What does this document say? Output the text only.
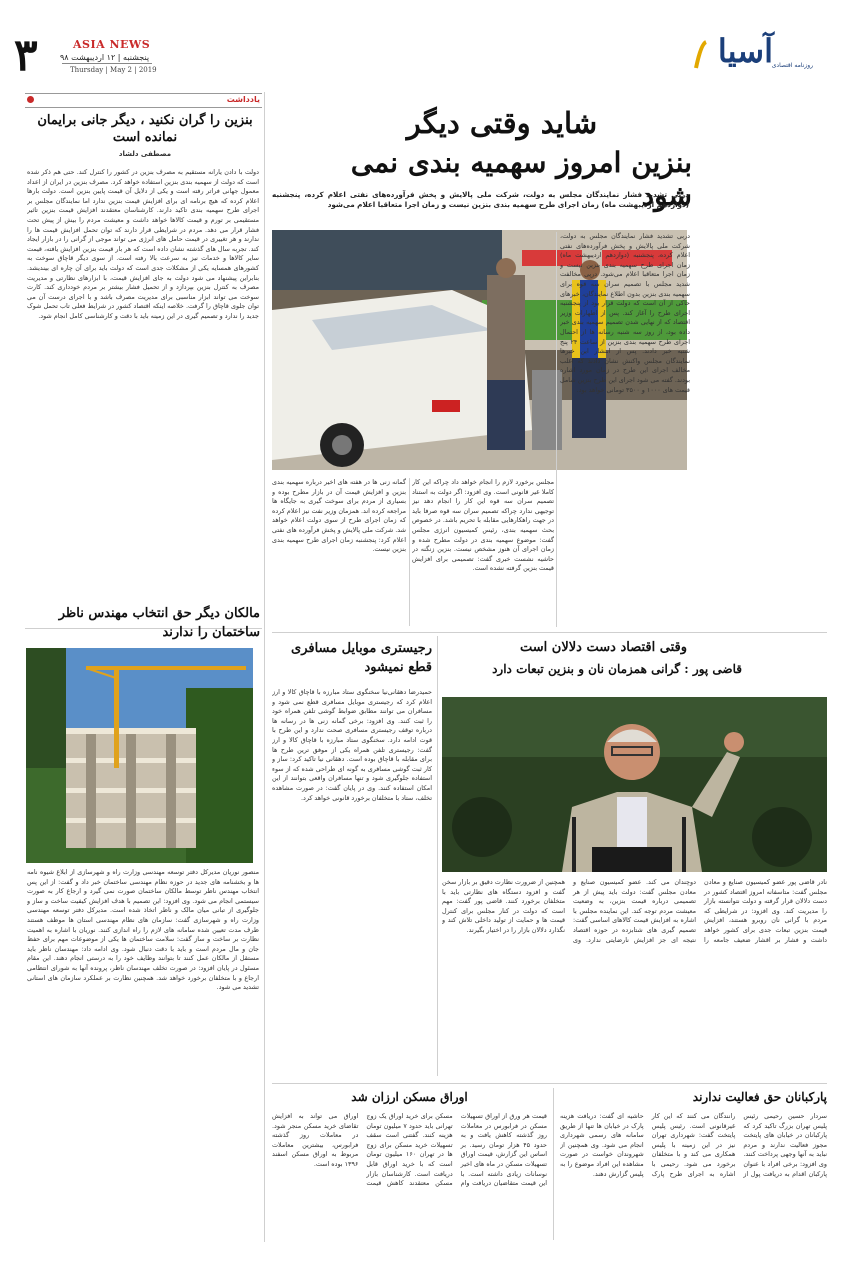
۳	ASIA NEWS
پنجشنبه | ۱۲ اردیبهشت ۹۸
Thursday | May 2 | 2019	آسیا
روزنامه اقتصادی
شاید وقتی دیگر
بنزین امروز سهمیه بندی نمی شود
دربی تشدید فشار نمایندگان مجلس به دولت، شرکت ملی پالایش و پخش فرآورده‌های نفتی اعلام کرده، پنجشنبه (دوازدهم اردیبهشت ماه) زمان اجرای طرح سهمیه بندی بنزین نیست و زمان اجرا متعاقبا اعلام می‌شود
دربی تشدید فشار نمایندگان مجلس به دولت، شرکت ملی پالایش و پخش فرآورده‌های نفتی اعلام کرده، پنجشنبه (دوازدهم اردیبهشت ماه) زمان اجرای طرح سهمیه بندی بنزین نیست و زمان اجرا متعاقبا اعلام می‌شود. درپی مخالفت شدید مجلس با تصمیم سران سه قوه برای سهمیه بندی بنزین بدون اطلاع نمایندگان، خبرهای حاکی از آن است که دولت قرار بود از پنجشنبه اجرای طرح را آغاز کند. پس از اظهارات وزیر اقتصاد که از نهایی شدن تصمیم سهمیه بندی خبر داده بود، از روز سه شنبه رسانه ها از احتمال اجرای طرح سهمیه بندی بنزین از ساعت ۲۴ پنج شنبه خبر دادند. پس از انتشار این خبرها نمایندگان مجلس واکنش نشان دادند که اغلب مخالف اجرای این طرح در زمان مورد اشاره بودند. گفته می شود اجرای این طرح بنزین شامل قیمت های ۱۰۰۰ و ۳۵۰۰ تومانی خواهد بود.
مجلس برخورد لازم را انجام خواهد داد چراکه این کار کاملا غیر قانونی است. وی افزود: اگر دولت به استناد تصمیم سران سه قوه این کار را انجام دهد نیز توجیهی ندارد چراکه تصمیم سران سه قوه صرفا باید در جهت راهکارهایی مقابله با تحریم باشد. در خصوص بحث سهمیه بندی، رئیس کمیسیون انرژی مجلس گفت: موضوع سهمیه بندی در دولت مطرح شده و زمان اجرای آن هنوز مشخص نیست. بنزین زنگنه در حاشیه نشست خبری گفت: تصمیمی برای افزایش قیمت بنزین گرفته نشده است.
گمانه زنی ها در هفته های اخیر درباره سهمیه بندی بنزین و افزایش قیمت آن در بازار مطرح بوده و بسیاری از مردم برای سوخت گیری به جایگاه ها مراجعه کرده اند. همزمان وزیر نفت نیز اعلام کرده که زمان اجرای طرح از سوی دولت اعلام خواهد شد. شرکت ملی پالایش و پخش فرآورده های نفتی اعلام کرد: پنجشنبه زمان اجرای طرح سهمیه بندی بنزین نیست.
یادداشت
بنزین را گران نکنید ، دیگر جانی برایمان نمانده است
مصطفی دلشاد
دولت با دادن یارانه مستقیم به مصرف بنزین در کشور را کنترل کند. حتی هم ذکر شده است که دولت از سهمیه بندی بنزین استفاده خواهد کرد. مصرف بنزین در ایران از اعداد معمول جهانی فراتر رفته است و یکی از دلایل آن قیمت پایین بنزین است. دولت بارها اعلام کرده که هیچ برنامه ای برای افزایش قیمت بنزین ندارد اما نمایندگان مجلس بر اجرای طرح سهمیه بندی تاکید دارند. کارشناسان معتقدند افزایش قیمت بنزین تاثیر مستقیمی بر تورم و قیمت کالاها خواهد داشت و معیشت مردم را بیش از پیش تحت فشار قرار می دهد. مردم در شرایطی قرار دارند که توان تحمل افزایش قیمت ها را ندارند و هر تغییری در قیمت حامل های انرژی می تواند موجی از گرانی را در بازار ایجاد کند. تجربه سال های گذشته نشان داده است که هر بار قیمت بنزین افزایش یافته، قیمت سایر کالاها و خدمات نیز به سرعت بالا رفته است. از سوی دیگر قاچاق سوخت به کشورهای همسایه یکی از مشکلات جدی است که دولت باید برای آن چاره ای بیندیشد. بنابراین پیشنهاد می شود دولت به جای افزایش قیمت، با ابزارهای نظارتی و مدیریت مصرف به کنترل بنزین بپردازد و از تحمیل فشار بیشتر بر مردم خودداری کند. کارت سوخت می تواند ابزار مناسبی برای مدیریت مصرف باشد و با اجرای درست آن می توان جلوی قاچاق را گرفت. خلاصه اینکه اقتصاد کشور در شرایط فعلی تاب تحمل شوک جدید را ندارد و تصمیم گیری در این زمینه باید با دقت و کارشناسی کامل انجام شود.
مالکان دیگر حق انتخاب مهندس ناظر ساختمان را ندارند
منصور نوریان مدیرکل دفتر توسعه مهندسی وزارت راه و شهرسازی از ابلاغ شیوه نامه ها و بخشنامه های جدید در حوزه نظام مهندسی ساختمان خبر داد و گفت: از این پس انتخاب مهندس ناظر توسط مالکان ساختمان صورت نمی گیرد و ارجاع کار به صورت سیستمی انجام می شود. وی افزود: این تصمیم با هدف افزایش کیفیت ساخت و ساز و جلوگیری از تبانی میان مالک و ناظر اتخاذ شده است. مدیرکل دفتر توسعه مهندسی وزارت راه و شهرسازی گفت: سازمان های نظام مهندسی استان ها موظف هستند ظرف مدت تعیین شده سامانه های لازم را راه اندازی کنند. نوریان با اشاره به اهمیت نظارت بر ساخت و ساز گفت: سلامت ساختمان ها یکی از موضوعات مهم برای حفظ جان و مال مردم است و باید با دقت دنبال شود. وی ادامه داد: مهندسان ناظر باید مستقل از مالکان عمل کنند تا بتوانند وظایف خود را به درستی انجام دهند. این مقام مسئول در پایان افزود: در صورت تخلف مهندسان ناظر، پرونده آنها به شورای انتظامی ارجاع و با متخلفان برخورد خواهد شد. همچنین نظارت بر عملکرد سازمان های استانی تشدید می شود.
رجیستری موبایل مسافری قطع نمیشود
حمیدرضا دهقانی‌نیا سخنگوی ستاد مبارزه با قاچاق کالا و ارز اعلام کرد که رجیستری موبایل مسافری قطع نمی شود و مسافران می توانند مطابق ضوابط گوشی تلفن همراه خود را ثبت کنند. وی افزود: برخی گمانه زنی ها در رسانه ها درباره توقف رجیستری مسافری صحت ندارد و این طرح با قوت ادامه دارد. سخنگوی ستاد مبارزه با قاچاق کالا و ارز گفت: رجیستری تلفن همراه یکی از موفق ترین طرح ها برای مقابله با قاچاق بوده است. دهقانی نیا تاکید کرد: ساز و کار ثبت گوشی مسافری به گونه ای طراحی شده که از سوء استفاده جلوگیری شود و تنها مسافران واقعی بتوانند از این امکان استفاده کنند. وی در پایان گفت: در صورت مشاهده تخلف، ستاد با متخلفان برخورد قانونی خواهد کرد.
وقتی اقتصاد دست دلالان است
قاضی پور : گرانی همزمان نان و بنزین تبعات دارد
نادر قاضی پور عضو کمیسیون صنایع و معادن مجلس گفت: متاسفانه امروز اقتصاد کشور در دست دلالان قرار گرفته و دولت نتوانسته بازار را مدیریت کند. وی افزود: در شرایطی که مردم با گرانی نان روبرو هستند، افزایش قیمت بنزین تبعات جدی برای کشور خواهد داشت و فشار بر اقشار ضعیف جامعه را دوچندان می کند. عضو کمیسیون صنایع و معادن مجلس گفت: دولت باید پیش از هر تصمیمی درباره قیمت بنزین، به وضعیت معیشت مردم توجه کند. این نماینده مجلس با اشاره به افزایش قیمت کالاهای اساسی گفت: تصمیم گیری های شتابزده در حوزه اقتصاد نتیجه ای جز افزایش نارضایتی ندارد. وی همچنین از ضرورت نظارت دقیق بر بازار سخن گفت و افزود دستگاه های نظارتی باید با متخلفان برخورد کنند. قاضی پور گفت: مهم است که دولت در کنار مجلس برای کنترل قیمت ها و حمایت از تولید داخلی تلاش کند و نگذارد دلالان بازار را در اختیار بگیرند.
پارکبانان حق فعالیت ندارند
سردار حسین رحیمی رئیس پلیس تهران بزرگ تاکید کرد که پارکبانان در خیابان های پایتخت مجوز فعالیت ندارند و مردم نباید به آنها وجهی پرداخت کنند. وی افزود: برخی افراد با عنوان پارکبان اقدام به دریافت پول از رانندگان می کنند که این کار غیرقانونی است. رئیس پلیس پایتخت گفت: شهرداری تهران نیز در این زمینه با پلیس همکاری می کند و با متخلفان برخورد می شود. رحیمی با اشاره به اجرای طرح پارک حاشیه ای گفت: دریافت هزینه پارک در خیابان ها تنها از طریق سامانه های رسمی شهرداری انجام می شود. وی همچنین از شهروندان خواست در صورت مشاهده این افراد موضوع را به پلیس گزارش دهند.
اوراق مسکن ارزان شد
قیمت هر ورق از اوراق تسهیلات مسکن در فرابورس در معاملات روز گذشته کاهش یافت و به حدود ۴۵ هزار تومان رسید. بر اساس این گزارش، قیمت اوراق تسهیلات مسکن در ماه های اخیر نوسانات زیادی داشته است. با این قیمت متقاضیان دریافت وام مسکن برای خرید اوراق یک زوج تهرانی باید حدود ۷ میلیون تومان هزینه کنند. گفتنی است سقف تسهیلات خرید مسکن برای زوج ها در تهران ۱۶۰ میلیون تومان است که با خرید اوراق قابل دریافت است. کارشناسان بازار مسکن معتقدند کاهش قیمت اوراق می تواند به افزایش تقاضای خرید مسکن منجر شود. در معاملات روز گذشته فرابورس، بیشترین معاملات مربوط به اوراق مسکن اسفند ۱۳۹۶ بوده است.
